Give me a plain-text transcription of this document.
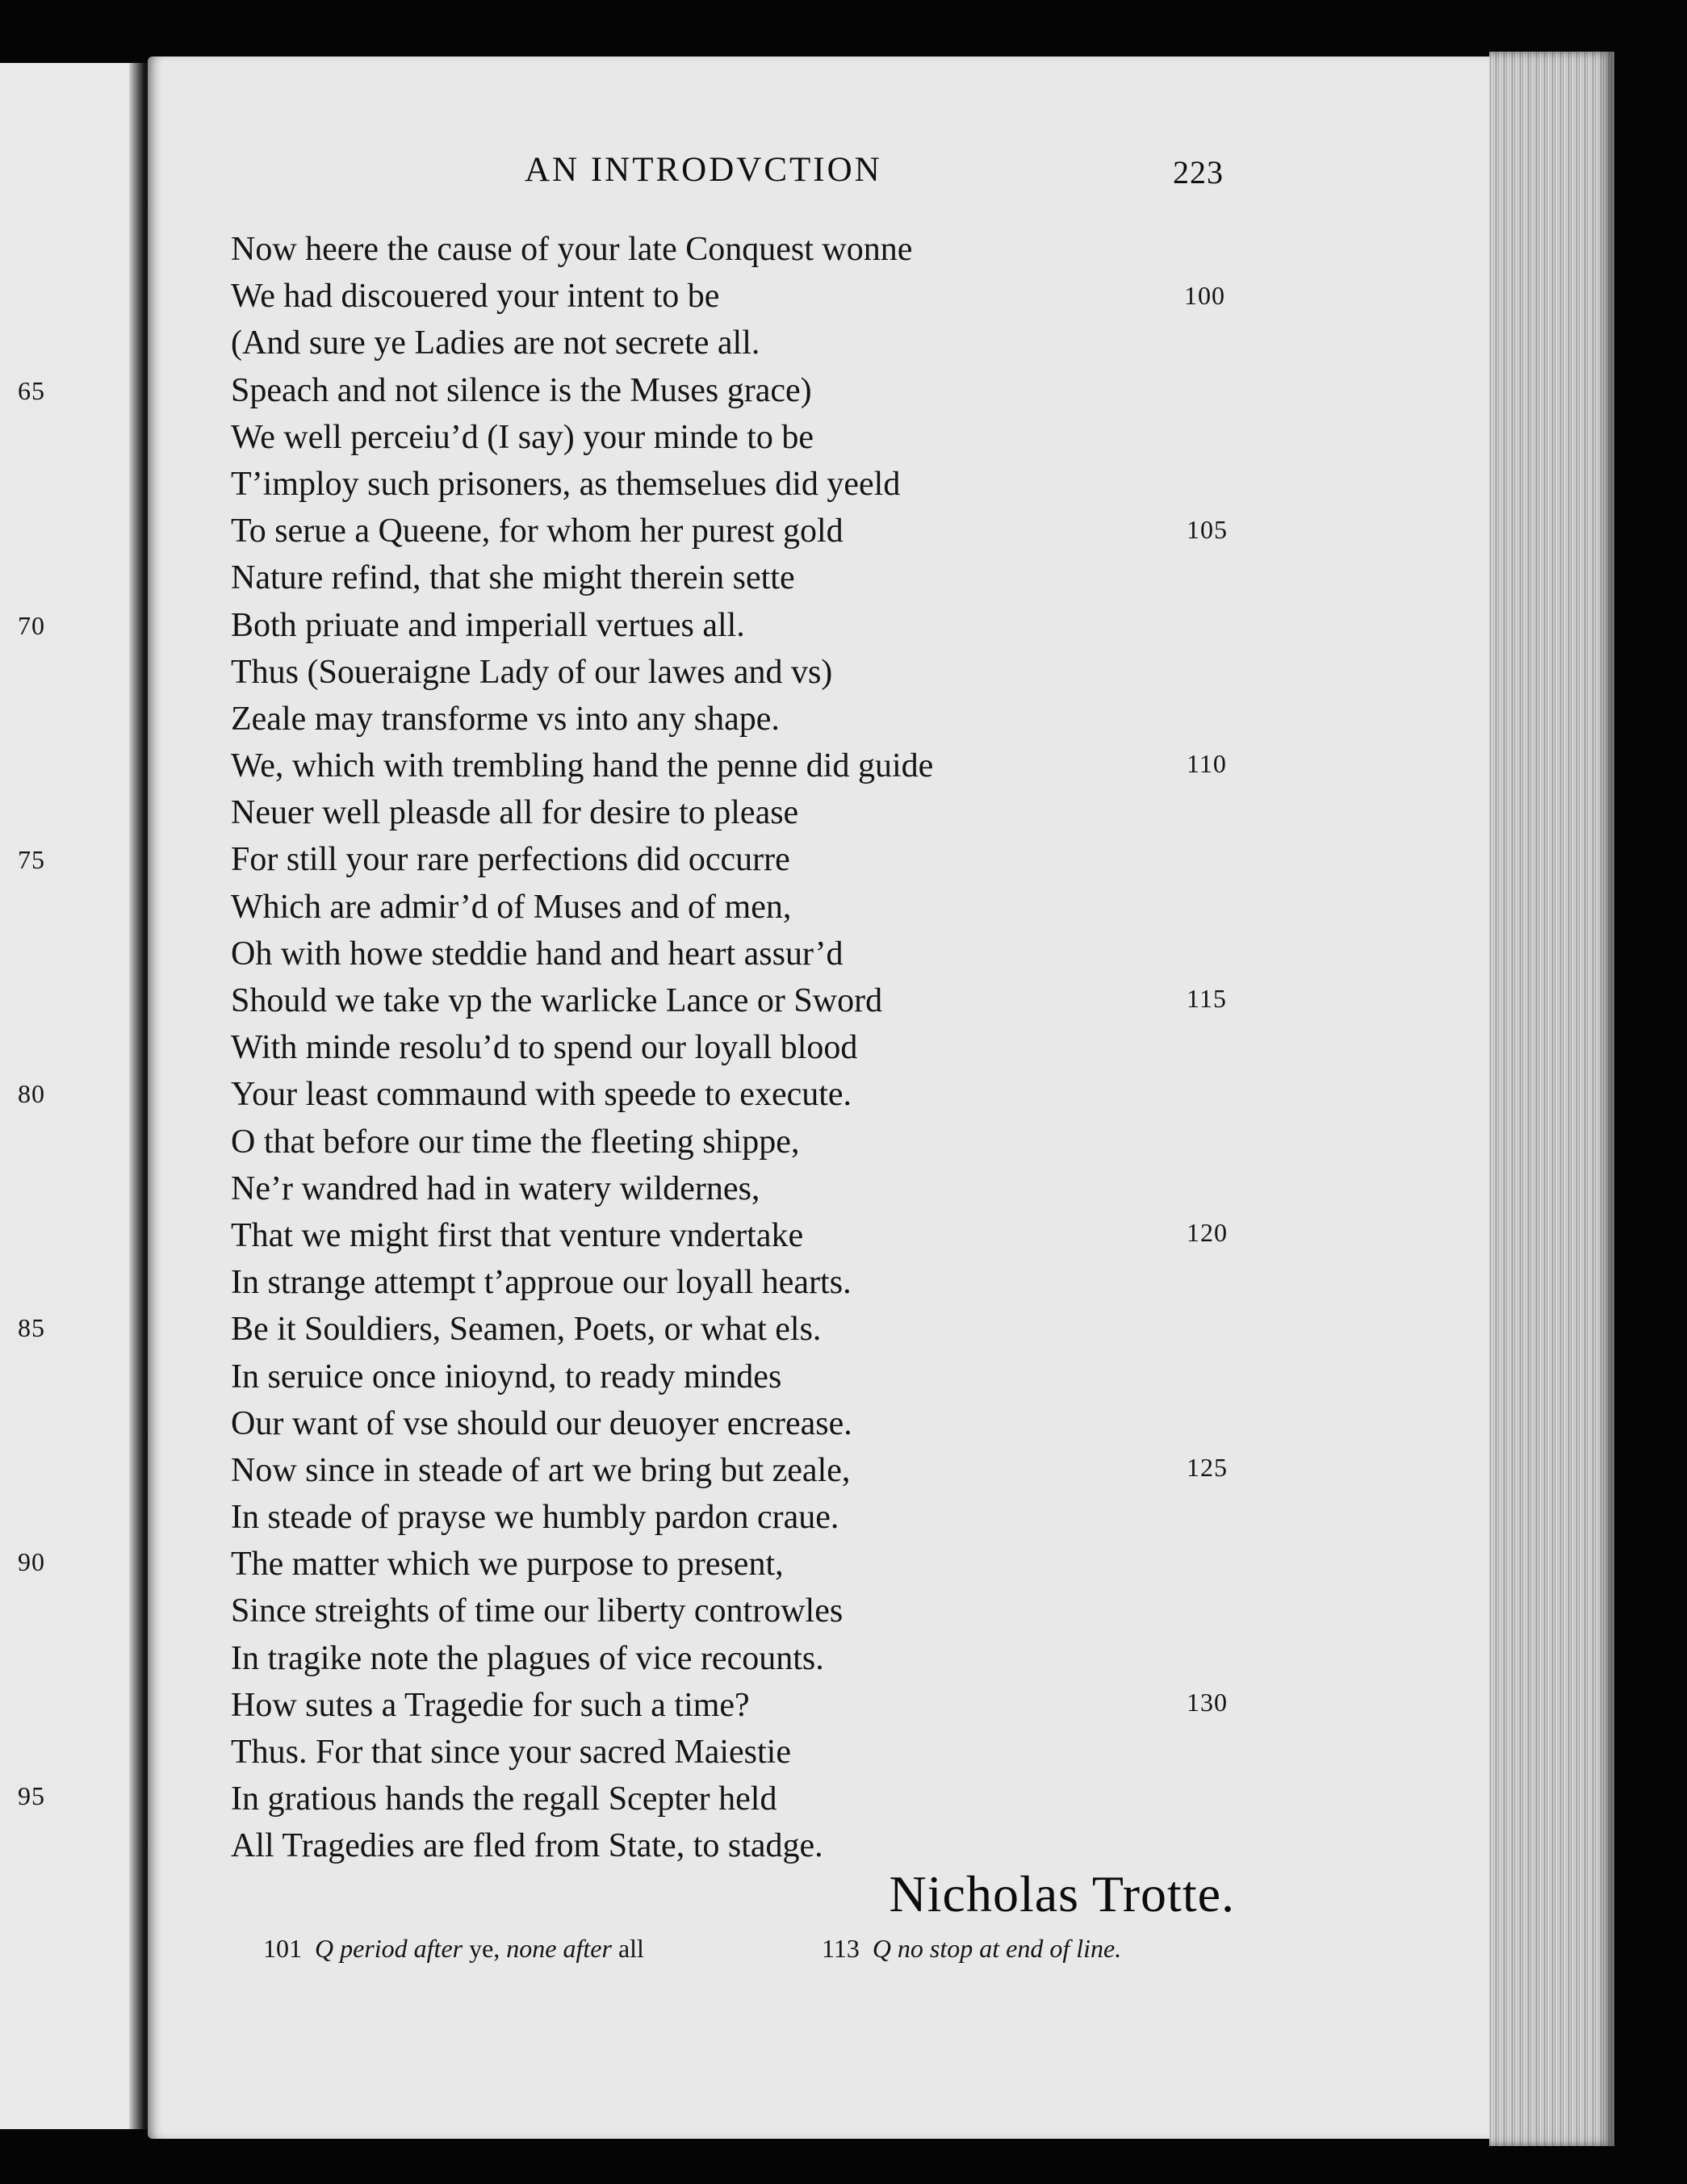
AN INTRODVCTION	223
Now heere the cause of your late Conquest wonne
We had discouered your intent to be
(And sure ye Ladies are not secrete all.
Speach and not silence is the Muses grace)
We well perceiu’d (I say) your minde to be
T’imploy such prisoners, as themselues did yeeld
To serue a Queene, for whom her purest gold
Nature refind, that she might therein sette
Both priuate and imperiall vertues all.
Thus (Soueraigne Lady of our lawes and vs)
Zeale may transforme vs into any shape.
We, which with trembling hand the penne did guide
Neuer well pleasde all for desire to please
For still your rare perfections did occurre
Which are admir’d of Muses and of men,
Oh with howe steddie hand and heart assur’d
Should we take vp the warlicke Lance or Sword
With minde resolu’d to spend our loyall blood
Your least commaund with speede to execute.
O that before our time the fleeting shippe,
Ne’r wandred had in watery wildernes,
That we might first that venture vndertake
In strange attempt t’approue our loyall hearts.
Be it Souldiers, Seamen, Poets, or what els.
In seruice once inioynd, to ready mindes
Our want of vse should our deuoyer encrease.
Now since in steade of art we bring but zeale,
In steade of prayse we humbly pardon craue.
The matter which we purpose to present,
Since streights of time our liberty controwles
In tragike note the plagues of vice recounts.
How sutes a Tragedie for such a time?
Thus. For that since your sacred Maiestie
In gratious hands the regall Scepter held
All Tragedies are fled from State, to stadge.
100
105
110
115
120
125
130
65
70
75
80
85
90
95
Nicholas Trotte.
101 Q period after ye, none after all	113 Q no stop at end of line.
